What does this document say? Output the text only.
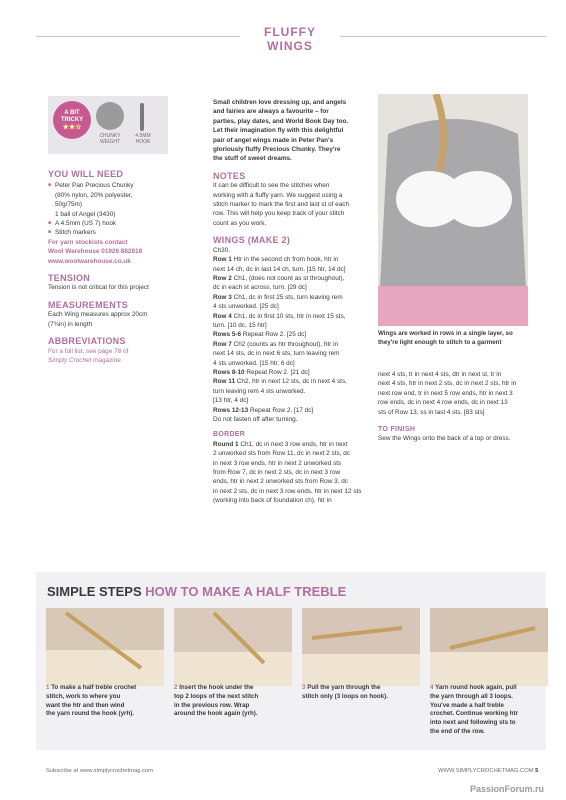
FLUFFY WINGS
A BIT
TRICKY
★★☆
CHUNKY
WEIGHT
4.5MM
HOOK
YOU WILL NEED
■ Peter Pan Precious Chunky
(80% nylon, 20% polyester,
50g/75m)
1 ball of Angel (3430)
■ A 4.5mm (US 7) hook
■ Stitch markers
For yarn stockists contact
Wool Warehouse 01926 882818
www.woolwarehouse.co.uk
TENSION
Tension is not critical for this project
MEASUREMENTS
Each Wing measures approx 20cm
(7¾in) in length
ABBREVIATIONS
For a full list, see page 78 of
Simply Crochet magazine
Small children love dressing up, and angels
and fairies are always a favourite – for
parties, play dates, and World Book Day too.
Let their imagination fly with this delightful
pair of angel wings made in Peter Pan's
gloriously fluffy Precious Chunky. They're
the stuff of sweet dreams.
NOTES
It can be difficult to see the stitches when
working with a fluffy yarn. We suggest using a
stitch marker to mark the first and last st of each
row. This will help you keep track of your stitch
count as you work.
WINGS (MAKE 2)
Ch30.
Row 1 Htr in the second ch from hook, htr in
next 14 ch, dc in last 14 ch, turn. [15 htr, 14 dc]
Row 2 Ch1, (does not count as st throughout),
dc in each st across, turn. [29 dc]
Row 3 Ch1, dc in first 25 sts, turn leaving rem
4 sts unworked. [25 dc]
Row 4 Ch1, dc in first 10 sts, htr in next 15 sts,
turn. [10 dc, 15 htr]
Rows 5-6 Repeat Row 2. [25 dc]
Row 7 Ch2 (counts as htr throughout), htr in
next 14 sts, dc in next 6 sts, turn leaving rem
4 sts unworked. [15 htr, 6 dc]
Rows 8-10 Repeat Row 2. [21 dc]
Row 11 Ch2, htr in next 12 sts, dc in next 4 sts,
turn leaving rem 4 sts unworked.
[13 htr, 4 dc]
Rows 12-13 Repeat Row 2. [17 dc]
Do not fasten off after turning.
BORDER
Round 1 Ch1, dc in next 3 row ends, htr in next
2 unworked sts from Row 11, dc in next 2 sts, dc
in next 3 row ends, htr in next 2 unworked sts
from Row 7, dc in next 2 sts, dc in next 3 row
ends, htr in next 2 unworked sts from Row 3, dc
in next 2 sts, dc in next 3 row ends, htr in next 12 sts
(working into back of foundation ch), htr in
Wings are worked in rows in a single layer, so
they're light enough to stitch to a garment
next 4 sts, tr in next 4 sts, dtr in next st, tr in
next 4 sts, htr in next 2 sts, dc in next 2 sts, htr in
next row end, tr in next 5 row ends, htr in next 3
row ends, dc in next 4 row ends, dc in next 13
sts of Row 13, ss in last 4 sts. [83 sts]
TO FINISH
Sew the Wings onto the back of a top or dress.
SIMPLE STEPS HOW TO MAKE A HALF TREBLE
1 To make a half treble crochet
stitch, work to where you
want the htr and then wind
the yarn round the hook (yrh).
2 Insert the hook under the
top 2 loops of the next stitch
in the previous row. Wrap
around the hook again (yrh).
3 Pull the yarn through the
stitch only (3 loops on hook).
4 Yarn round hook again, pull
the yarn through all 3 loops.
You've made a half treble
crochet. Continue working htr
into next and following sts to
the end of the row.
Subscribe at www.simplycrochetmag.com	WWW.SIMPLYCROCHETMAG.COM 5
PassionForum.ru
